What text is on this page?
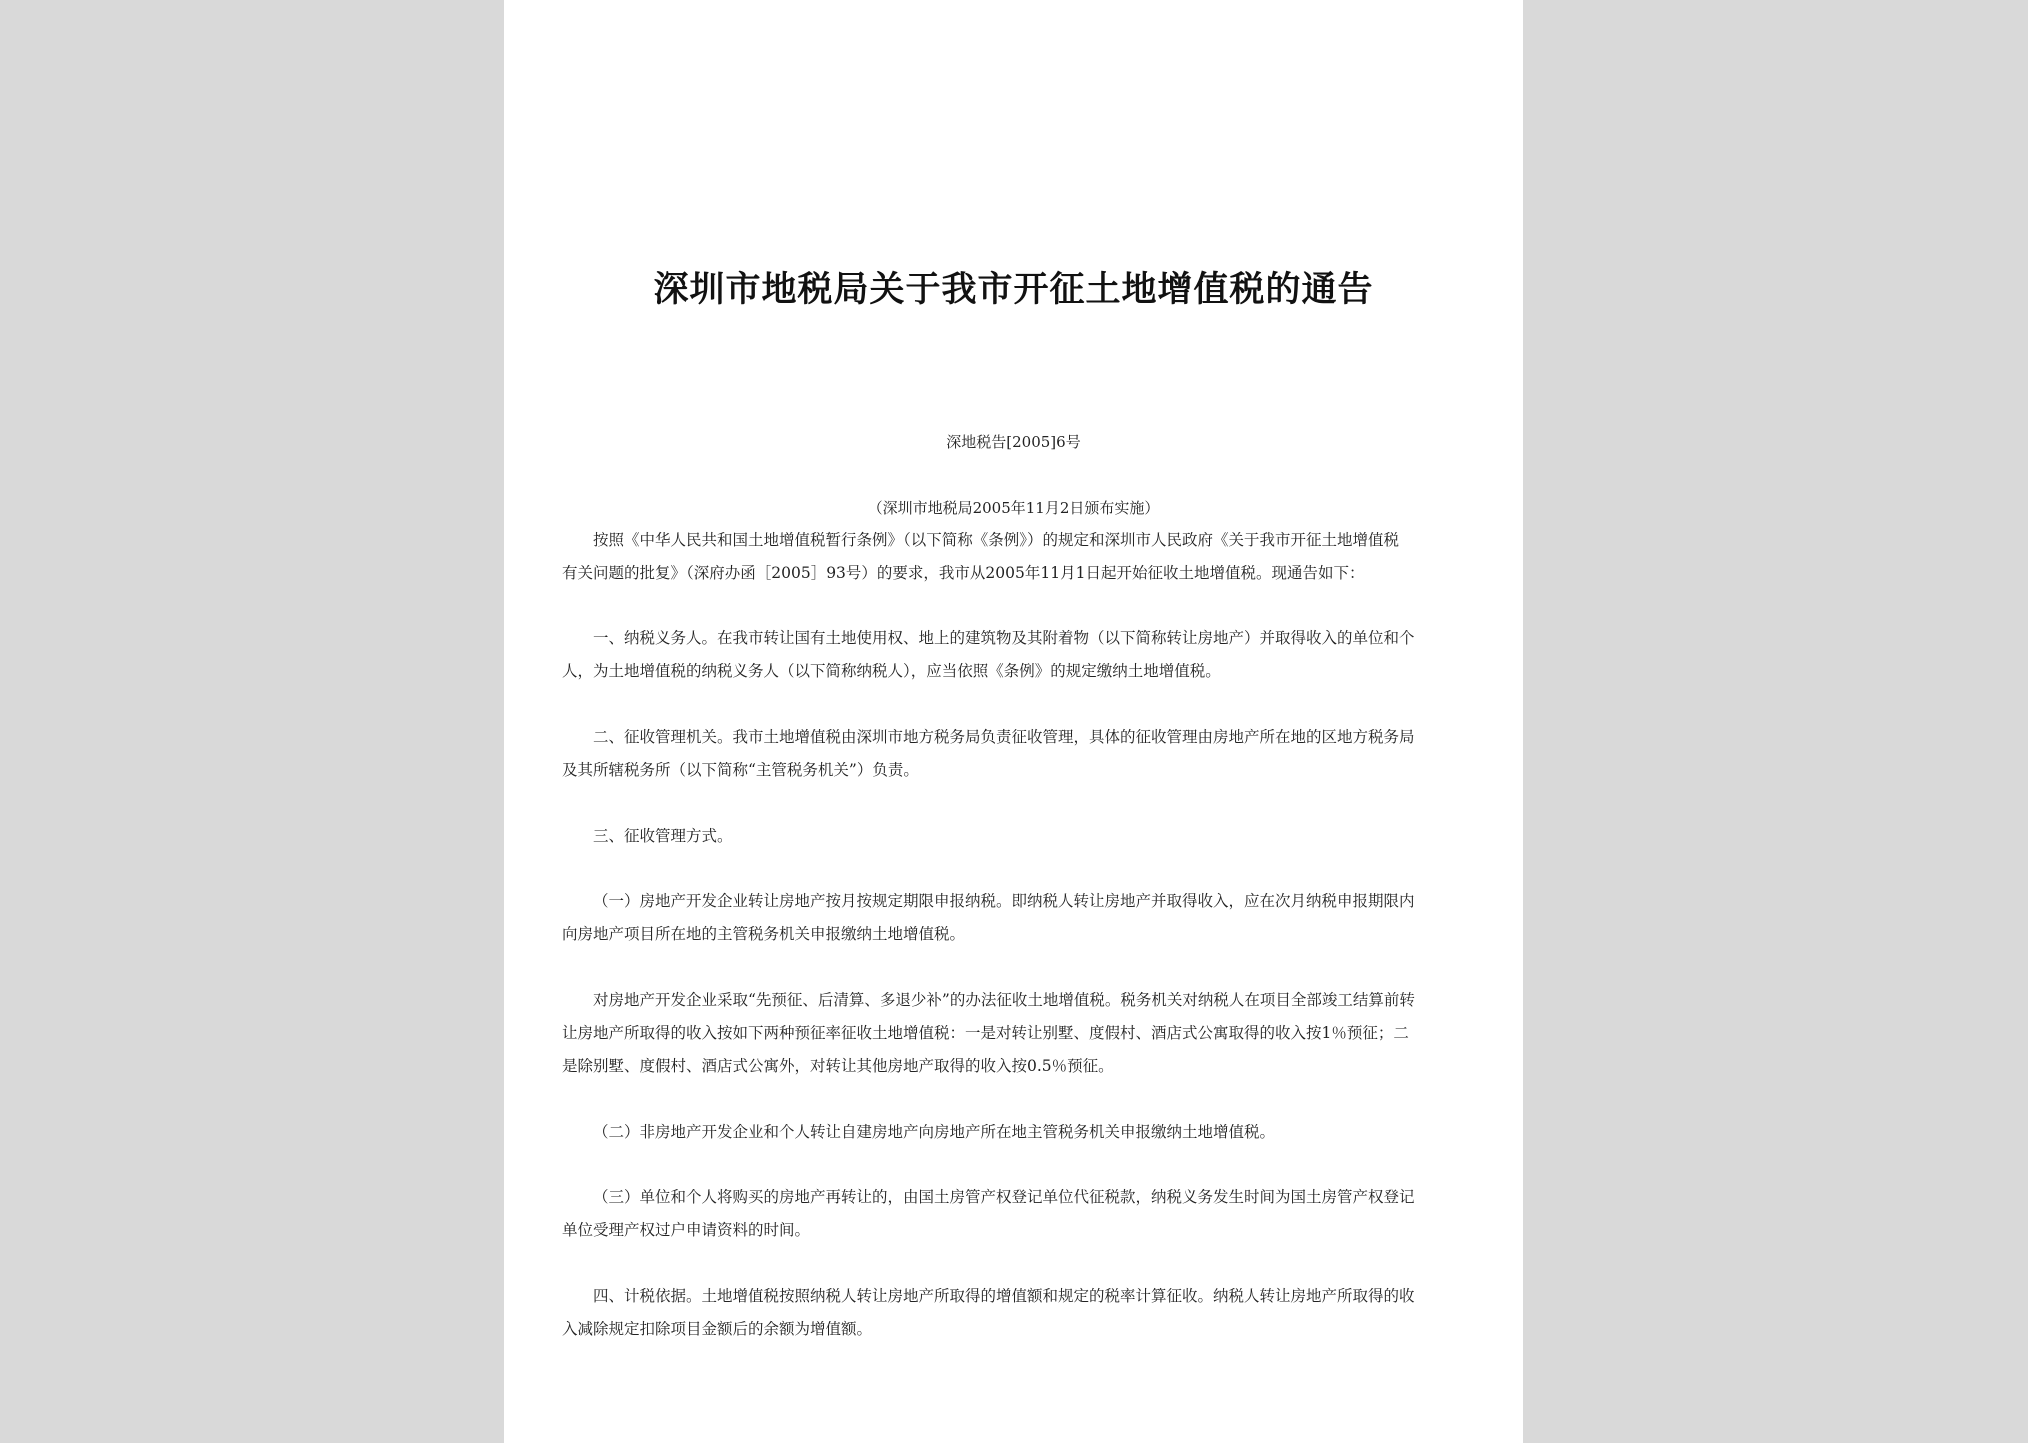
深圳市地税局关于我市开征土地增值税的通告
深地税告[2005]6号
（深圳市地税局2005年11月2日颁布实施）
按照《中华人民共和国土地增值税暂行条例》（以下简称《条例》）的规定和深圳市人民政府《关于我市开征土地增值税
有关问题的批复》（深府办函［2005］93号）的要求，我市从2005年11月1日起开始征收土地增值税。现通告如下：
一、纳税义务人。在我市转让国有土地使用权、地上的建筑物及其附着物（以下简称转让房地产）并取得收入的单位和个
人，为土地增值税的纳税义务人（以下简称纳税人），应当依照《条例》的规定缴纳土地增值税。
二、征收管理机关。我市土地增值税由深圳市地方税务局负责征收管理，具体的征收管理由房地产所在地的区地方税务局
及其所辖税务所（以下简称“主管税务机关”）负责。
三、征收管理方式。
（一）房地产开发企业转让房地产按月按规定期限申报纳税。即纳税人转让房地产并取得收入，应在次月纳税申报期限内
向房地产项目所在地的主管税务机关申报缴纳土地增值税。
对房地产开发企业采取“先预征、后清算、多退少补”的办法征收土地增值税。税务机关对纳税人在项目全部竣工结算前转
让房地产所取得的收入按如下两种预征率征收土地增值税：一是对转让别墅、度假村、酒店式公寓取得的收入按1％预征；二
是除别墅、度假村、酒店式公寓外，对转让其他房地产取得的收入按0.5％预征。
（二）非房地产开发企业和个人转让自建房地产向房地产所在地主管税务机关申报缴纳土地增值税。
（三）单位和个人将购买的房地产再转让的，由国土房管产权登记单位代征税款，纳税义务发生时间为国土房管产权登记
单位受理产权过户申请资料的时间。
四、计税依据。土地增值税按照纳税人转让房地产所取得的增值额和规定的税率计算征收。纳税人转让房地产所取得的收
入减除规定扣除项目金额后的余额为增值额。
